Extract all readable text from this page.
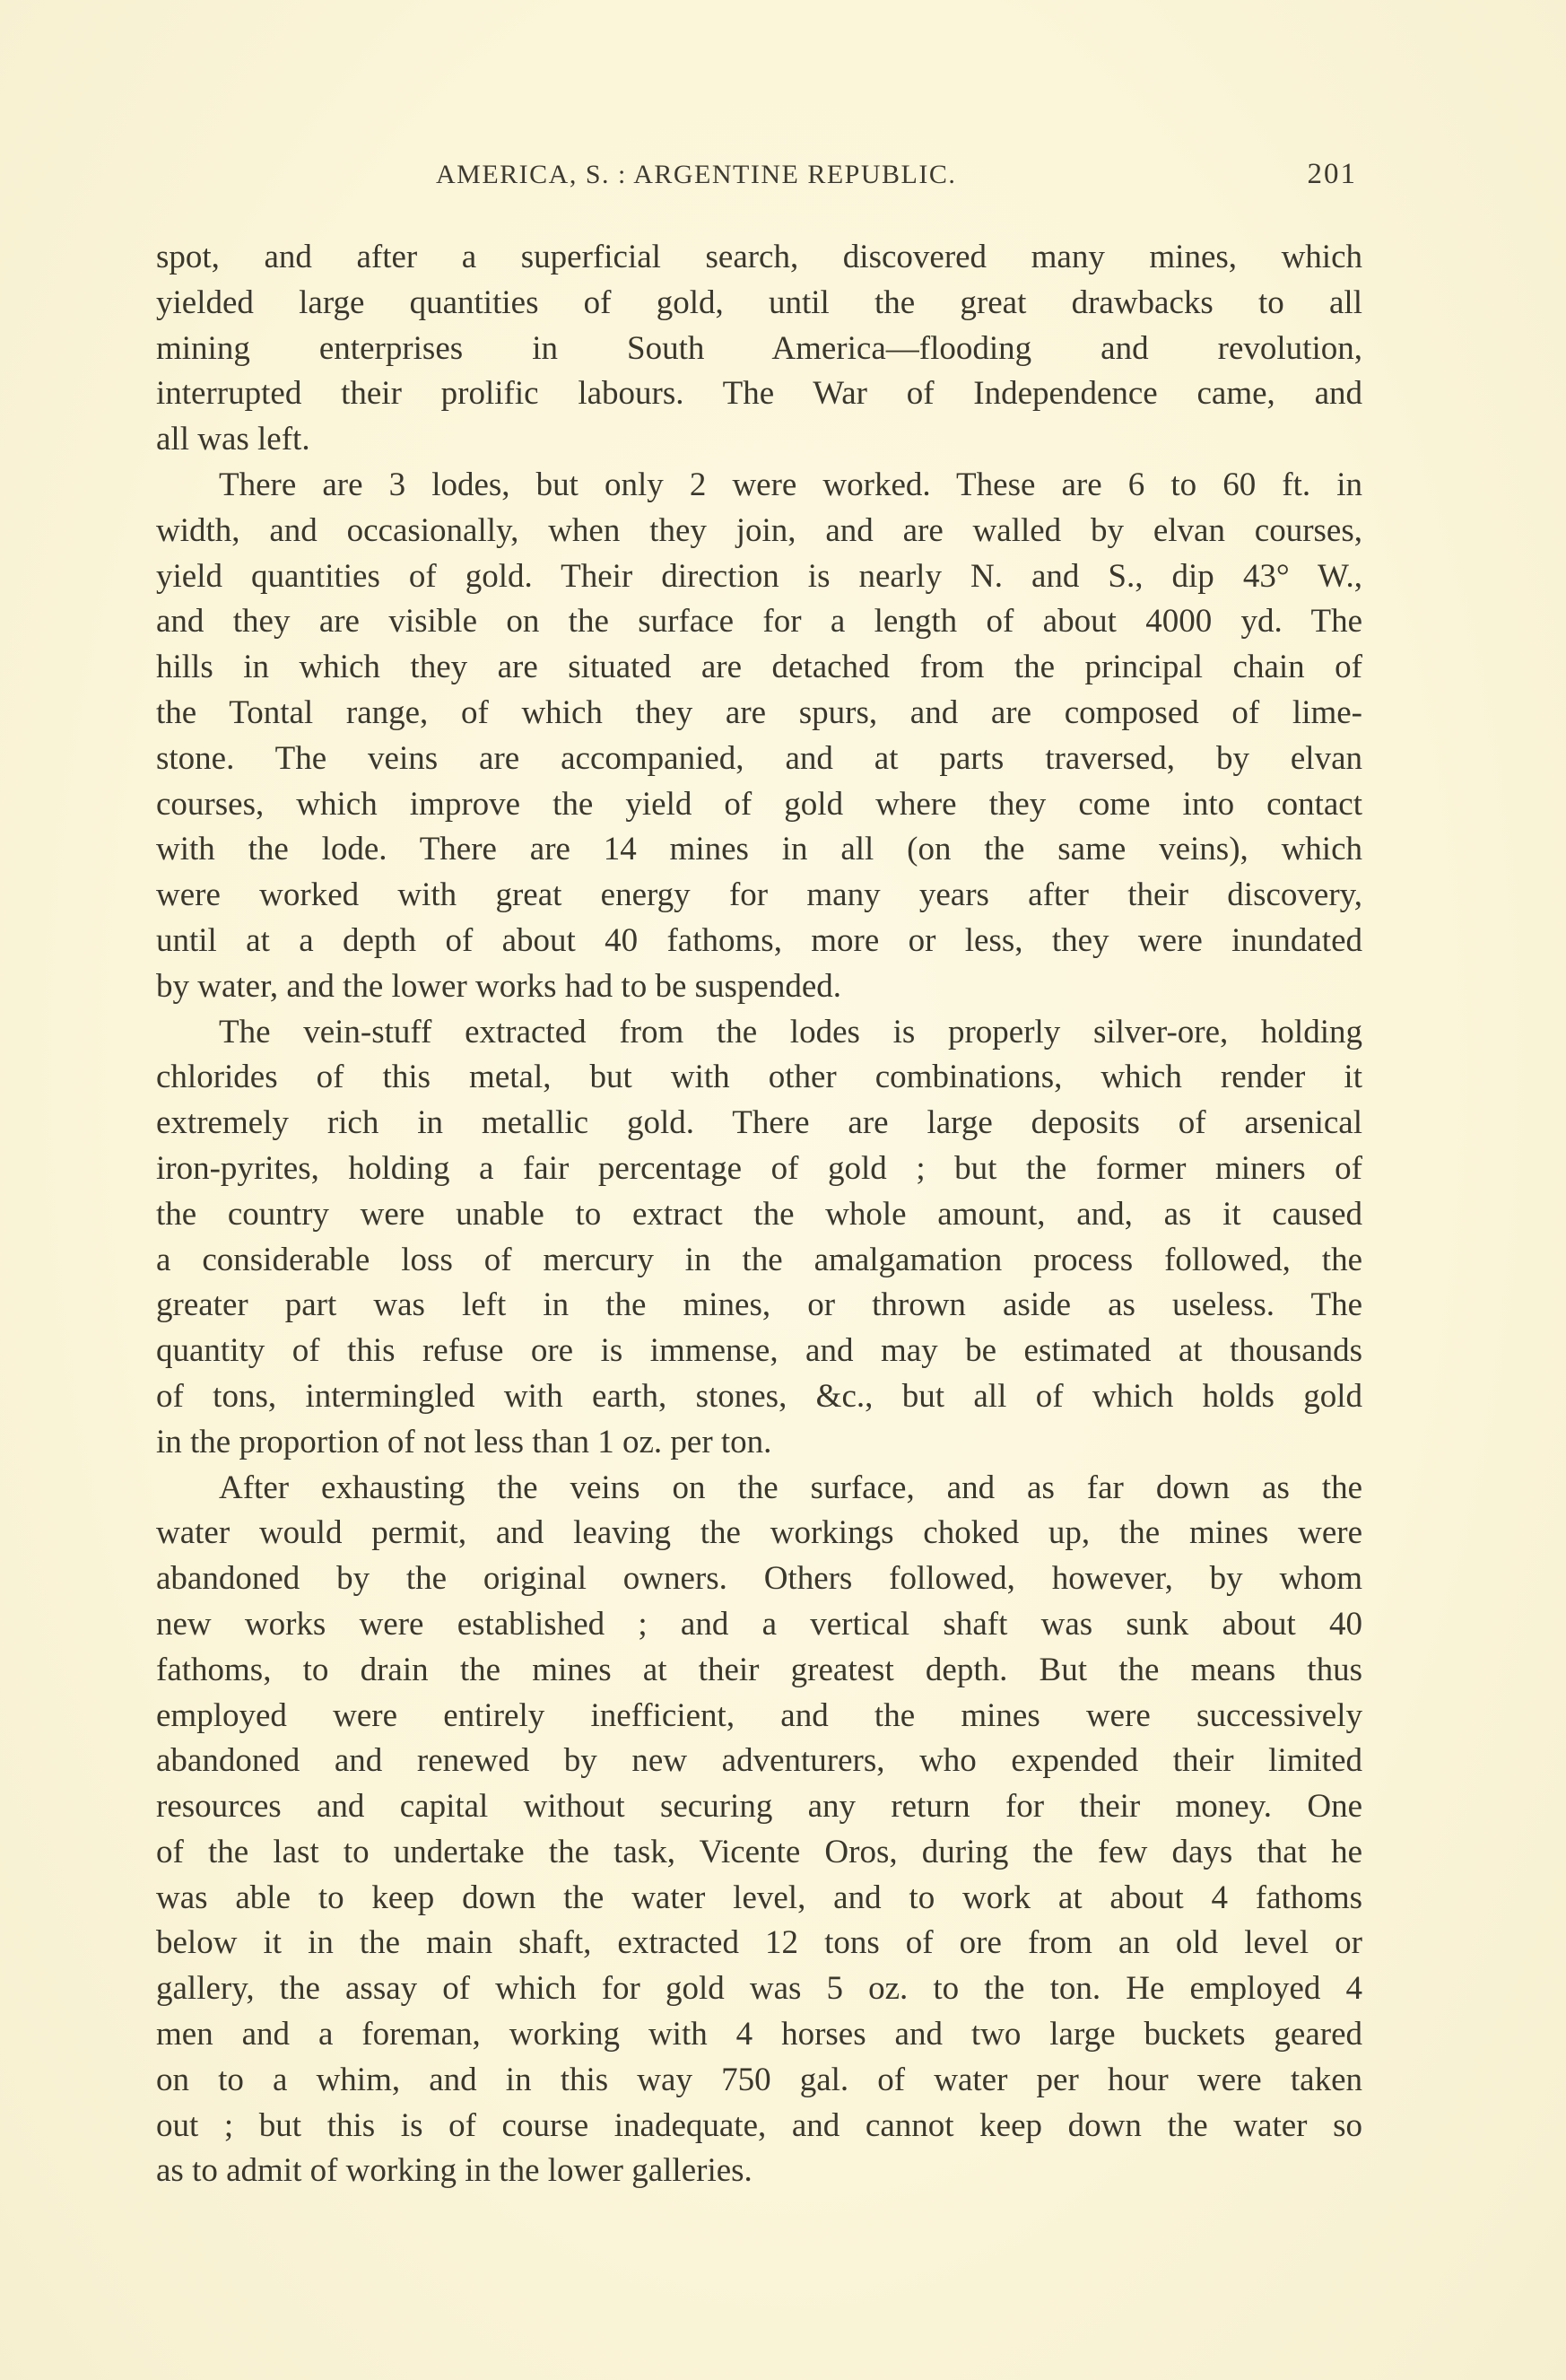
AMERICA, S. : ARGENTINE REPUBLIC.	201
spot, and after a superficial search, discovered many mines, which
yielded large quantities of gold, until the great drawbacks to all
mining enterprises in South America—flooding and revolution,
interrupted their prolific labours. The War of Independence came, and
all was left.
There are 3 lodes, but only 2 were worked. These are 6 to 60 ft. in
width, and occasionally, when they join, and are walled by elvan courses,
yield quantities of gold. Their direction is nearly N. and S., dip 43° W.,
and they are visible on the surface for a length of about 4000 yd. The
hills in which they are situated are detached from the principal chain of
the Tontal range, of which they are spurs, and are composed of lime-
stone. The veins are accompanied, and at parts traversed, by elvan
courses, which improve the yield of gold where they come into contact
with the lode. There are 14 mines in all (on the same veins), which
were worked with great energy for many years after their discovery,
until at a depth of about 40 fathoms, more or less, they were inundated
by water, and the lower works had to be suspended.
The vein-stuff extracted from the lodes is properly silver-ore, holding
chlorides of this metal, but with other combinations, which render it
extremely rich in metallic gold. There are large deposits of arsenical
iron-pyrites, holding a fair percentage of gold ; but the former miners of
the country were unable to extract the whole amount, and, as it caused
a considerable loss of mercury in the amalgamation process followed, the
greater part was left in the mines, or thrown aside as useless. The
quantity of this refuse ore is immense, and may be estimated at thousands
of tons, intermingled with earth, stones, &c., but all of which holds gold
in the proportion of not less than 1 oz. per ton.
After exhausting the veins on the surface, and as far down as the
water would permit, and leaving the workings choked up, the mines were
abandoned by the original owners. Others followed, however, by whom
new works were established ; and a vertical shaft was sunk about 40
fathoms, to drain the mines at their greatest depth. But the means thus
employed were entirely inefficient, and the mines were successively
abandoned and renewed by new adventurers, who expended their limited
resources and capital without securing any return for their money. One
of the last to undertake the task, Vicente Oros, during the few days that he
was able to keep down the water level, and to work at about 4 fathoms
below it in the main shaft, extracted 12 tons of ore from an old level or
gallery, the assay of which for gold was 5 oz. to the ton. He employed 4
men and a foreman, working with 4 horses and two large buckets geared
on to a whim, and in this way 750 gal. of water per hour were taken
out ; but this is of course inadequate, and cannot keep down the water so
as to admit of working in the lower galleries.
